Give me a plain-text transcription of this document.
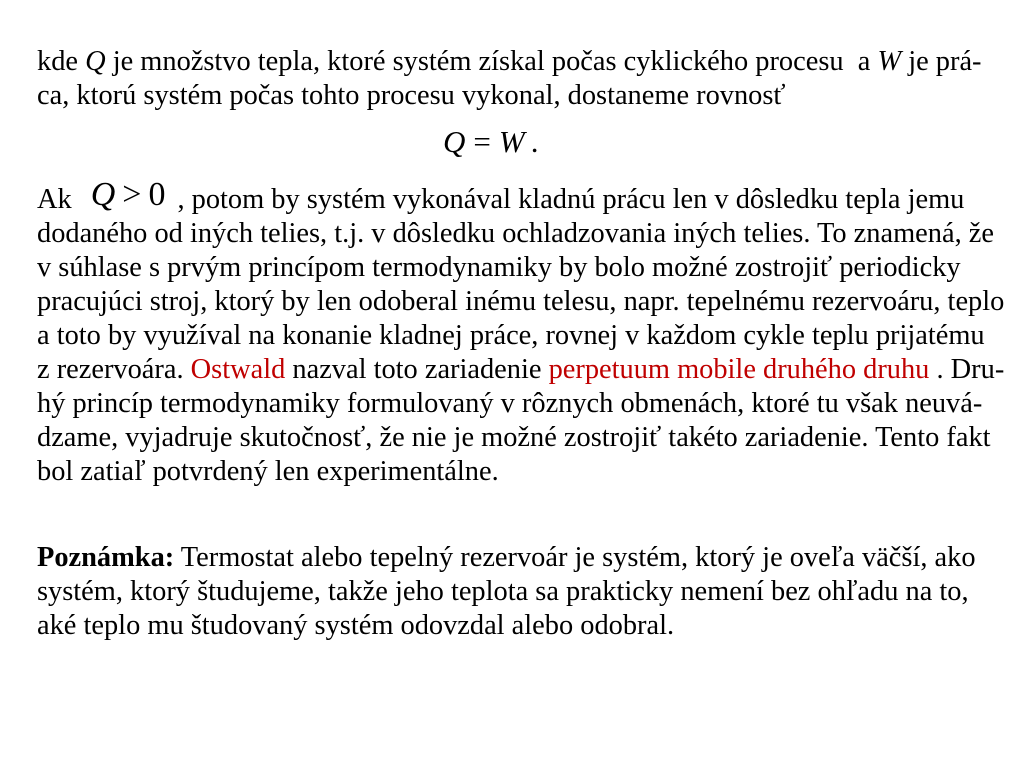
kde Q je množstvo tepla, ktoré systém získal počas cyklického procesu  a W je prá-
ca, ktorú systém počas tohto procesu vykonal, dostaneme rovnosť
Q = W .
Ak Q > 0 , potom by systém vykonával kladnú prácu len v dôsledku tepla jemu
dodaného od iných telies, t.j. v dôsledku ochladzovania iných telies. To znamená, že
v súhlase s prvým princípom termodynamiky by bolo možné zostrojiť periodicky
pracujúci stroj, ktorý by len odoberal inému telesu, napr. tepelnému rezervoáru, teplo
a toto by využíval na konanie kladnej práce, rovnej v každom cykle teplu prijatému
z rezervoára. Ostwald nazval toto zariadenie perpetuum mobile druhého druhu . Dru-
hý princíp termodynamiky formulovaný v rôznych obmenách, ktoré tu však neuvá-
dzame, vyjadruje skutočnosť, že nie je možné zostrojiť takéto zariadenie. Tento fakt
bol zatiaľ potvrdený len experimentálne.
Poznámka: Termostat alebo tepelný rezervoár je systém, ktorý je oveľa väčší, ako
systém, ktorý študujeme, takže jeho teplota sa prakticky nemení bez ohľadu na to,
aké teplo mu študovaný systém odovzdal alebo odobral.
